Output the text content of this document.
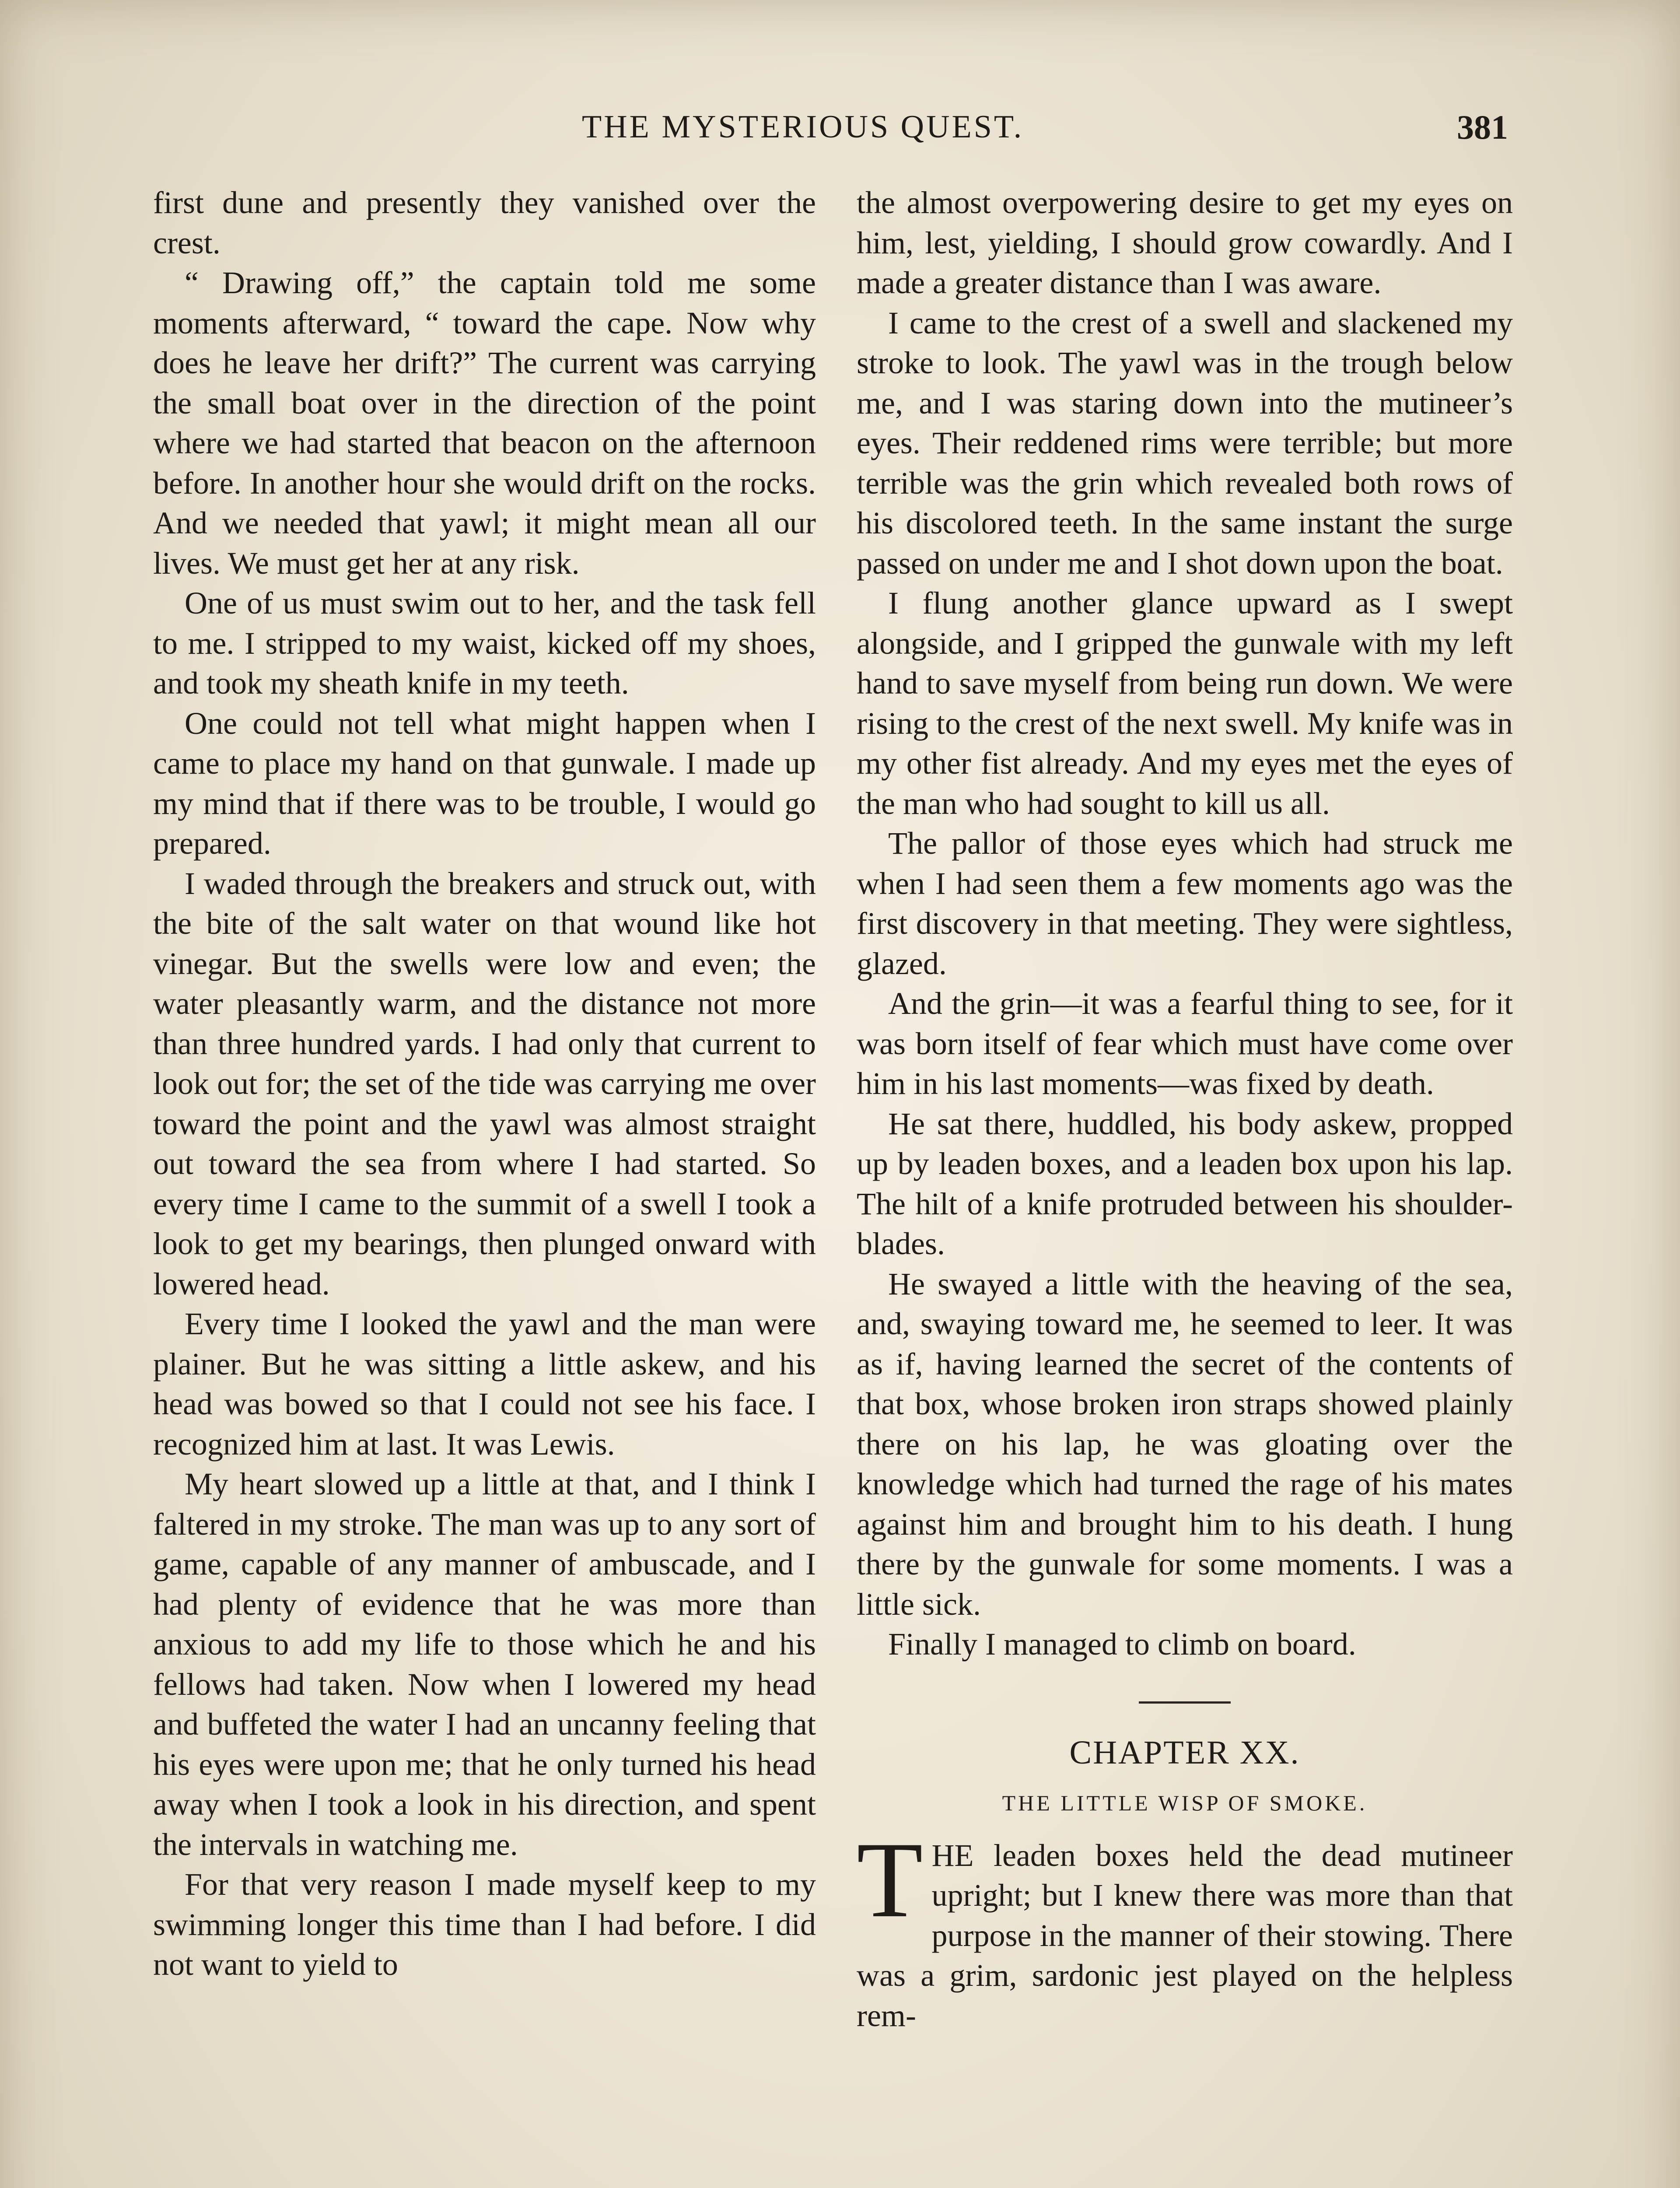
THE MYSTERIOUS QUEST.	381

first dune and presently they vanished over the crest.

“ Drawing off,” the captain told me some moments afterward, “ toward the cape. Now why does he leave her drift?” The current was carrying the small boat over in the direction of the point where we had started that beacon on the afternoon before. In another hour she would drift on the rocks. And we needed that yawl; it might mean all our lives. We must get her at any risk.

One of us must swim out to her, and the task fell to me. I stripped to my waist, kicked off my shoes, and took my sheath knife in my teeth.

One could not tell what might happen when I came to place my hand on that gunwale. I made up my mind that if there was to be trouble, I would go prepared.

I waded through the breakers and struck out, with the bite of the salt water on that wound like hot vinegar. But the swells were low and even; the water pleasantly warm, and the distance not more than three hundred yards. I had only that current to look out for; the set of the tide was carrying me over toward the point and the yawl was almost straight out toward the sea from where I had started. So every time I came to the summit of a swell I took a look to get my bearings, then plunged onward with lowered head.

Every time I looked the yawl and the man were plainer. But he was sitting a little askew, and his head was bowed so that I could not see his face. I recognized him at last. It was Lewis.

My heart slowed up a little at that, and I think I faltered in my stroke. The man was up to any sort of game, capable of any manner of ambuscade, and I had plenty of evidence that he was more than anxious to add my life to those which he and his fellows had taken. Now when I lowered my head and buffeted the water I had an uncanny feeling that his eyes were upon me; that he only turned his head away when I took a look in his direction, and spent the intervals in watching me.

For that very reason I made myself keep to my swimming longer this time than I had before. I did not want to yield to

the almost overpowering desire to get my eyes on him, lest, yielding, I should grow cowardly. And I made a greater distance than I was aware.

I came to the crest of a swell and slackened my stroke to look. The yawl was in the trough below me, and I was staring down into the mutineer’s eyes. Their reddened rims were terrible; but more terrible was the grin which revealed both rows of his discolored teeth. In the same instant the surge passed on under me and I shot down upon the boat.

I flung another glance upward as I swept alongside, and I gripped the gunwale with my left hand to save myself from being run down. We were rising to the crest of the next swell. My knife was in my other fist already. And my eyes met the eyes of the man who had sought to kill us all.

The pallor of those eyes which had struck me when I had seen them a few moments ago was the first discovery in that meeting. They were sightless, glazed.

And the grin—it was a fearful thing to see, for it was born itself of fear which must have come over him in his last moments—was fixed by death.

He sat there, huddled, his body askew, propped up by leaden boxes, and a leaden box upon his lap. The hilt of a knife protruded between his shoulder-blades.

He swayed a little with the heaving of the sea, and, swaying toward me, he seemed to leer. It was as if, having learned the secret of the contents of that box, whose broken iron straps showed plainly there on his lap, he was gloating over the knowledge which had turned the rage of his mates against him and brought him to his death. I hung there by the gunwale for some moments. I was a little sick.

Finally I managed to climb on board.

CHAPTER XX.
THE LITTLE WISP OF SMOKE.

THE leaden boxes held the dead mutineer upright; but I knew there was more than that purpose in the manner of their stowing. There was a grim, sardonic jest played on the helpless rem-
